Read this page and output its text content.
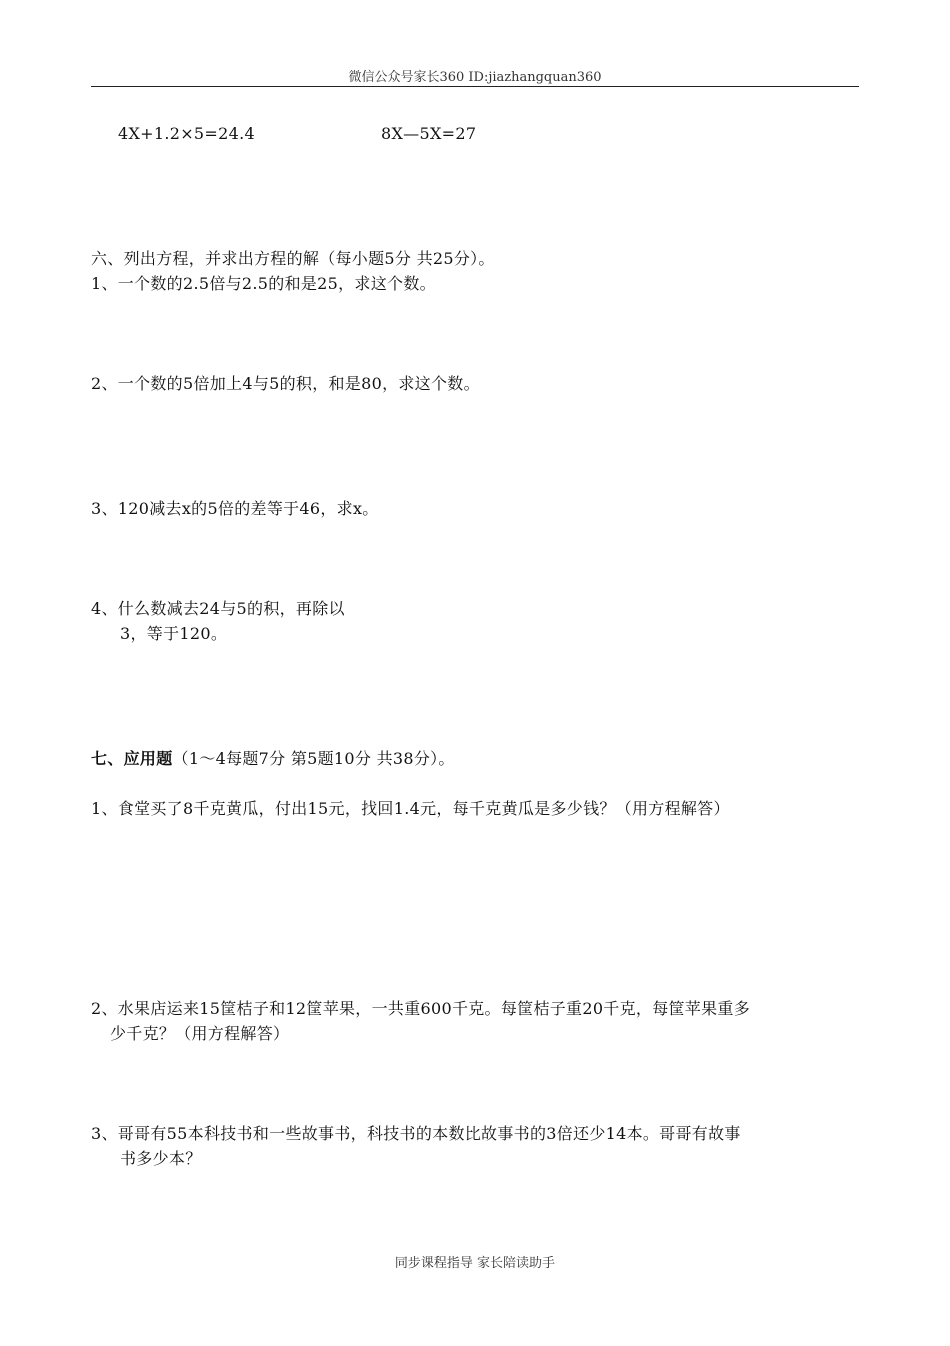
微信公众号家长360 ID:jiazhangquan360
4X+1.2×5=24.4	8X—5X=27
六、列出方程，并求出方程的解（每小题5分 共25分）。
1、一个数的2.5倍与2.5的和是25，求这个数。
2、一个数的5倍加上4与5的积，和是80，求这个数。
3、120减去x的5倍的差等于46，求x。
4、什么数减去24与5的积，再除以
3，等于120。
七、应用题（1～4每题7分 第5题10分 共38分）。
1、食堂买了8千克黄瓜，付出15元，找回1.4元，每千克黄瓜是多少钱？（用方程解答）
2、水果店运来15筐桔子和12筐苹果，一共重600千克。每筐桔子重20千克，每筐苹果重多
少千克？（用方程解答）
3、哥哥有55本科技书和一些故事书，科技书的本数比故事书的3倍还少14本。哥哥有故事
书多少本？
同步课程指导 家长陪读助手
